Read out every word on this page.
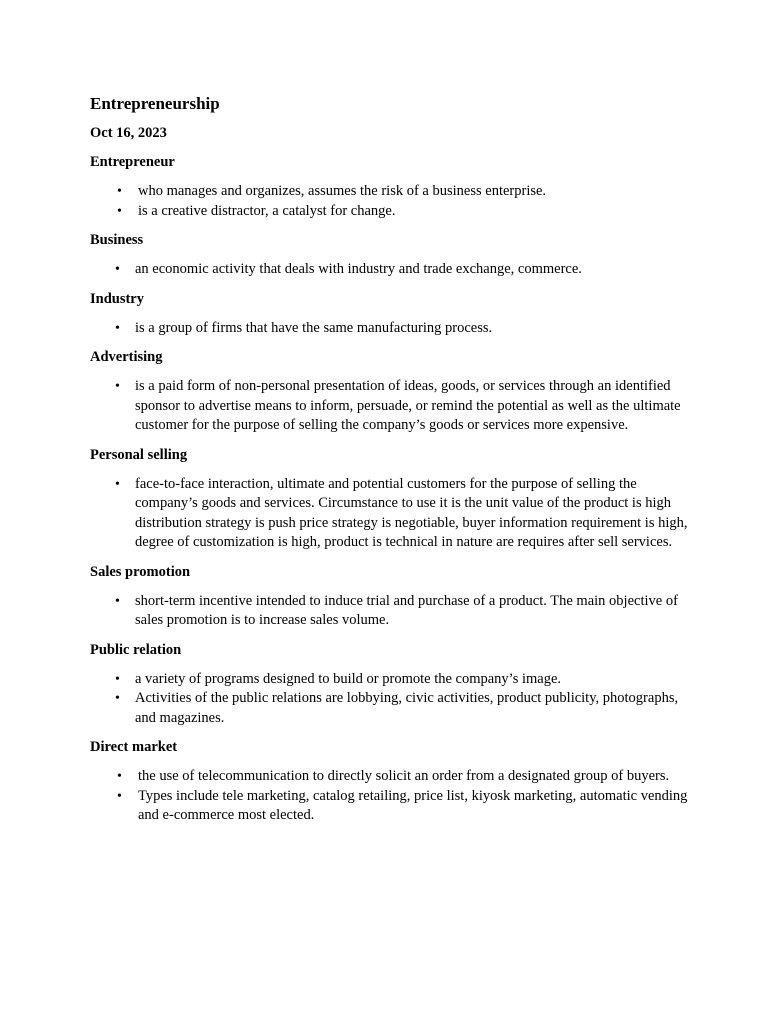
Entrepreneurship
Oct 16, 2023
Entrepreneur
• who manages and organizes, assumes the risk of a business enterprise.
• is a creative distractor, a catalyst for change.
Business
• an economic activity that deals with industry and trade exchange, commerce.
Industry
• is a group of firms that have the same manufacturing process.
Advertising
• is a paid form of non-personal presentation of ideas, goods, or services through an identified sponsor to advertise means to inform, persuade, or remind the potential as well as the ultimate customer for the purpose of selling the company’s goods or services more expensive.
Personal selling
• face-to-face interaction, ultimate and potential customers for the purpose of selling the company’s goods and services. Circumstance to use it is the unit value of the product is high distribution strategy is push price strategy is negotiable, buyer information requirement is high, degree of customization is high, product is technical in nature are requires after sell services.
Sales promotion
• short-term incentive intended to induce trial and purchase of a product. The main objective of sales promotion is to increase sales volume.
Public relation
• a variety of programs designed to build or promote the company’s image.
• Activities of the public relations are lobbying, civic activities, product publicity, photographs, and magazines.
Direct market
• the use of telecommunication to directly solicit an order from a designated group of buyers.
• Types include tele marketing, catalog retailing, price list, kiyosk marketing, automatic vending and e-commerce most elected.
